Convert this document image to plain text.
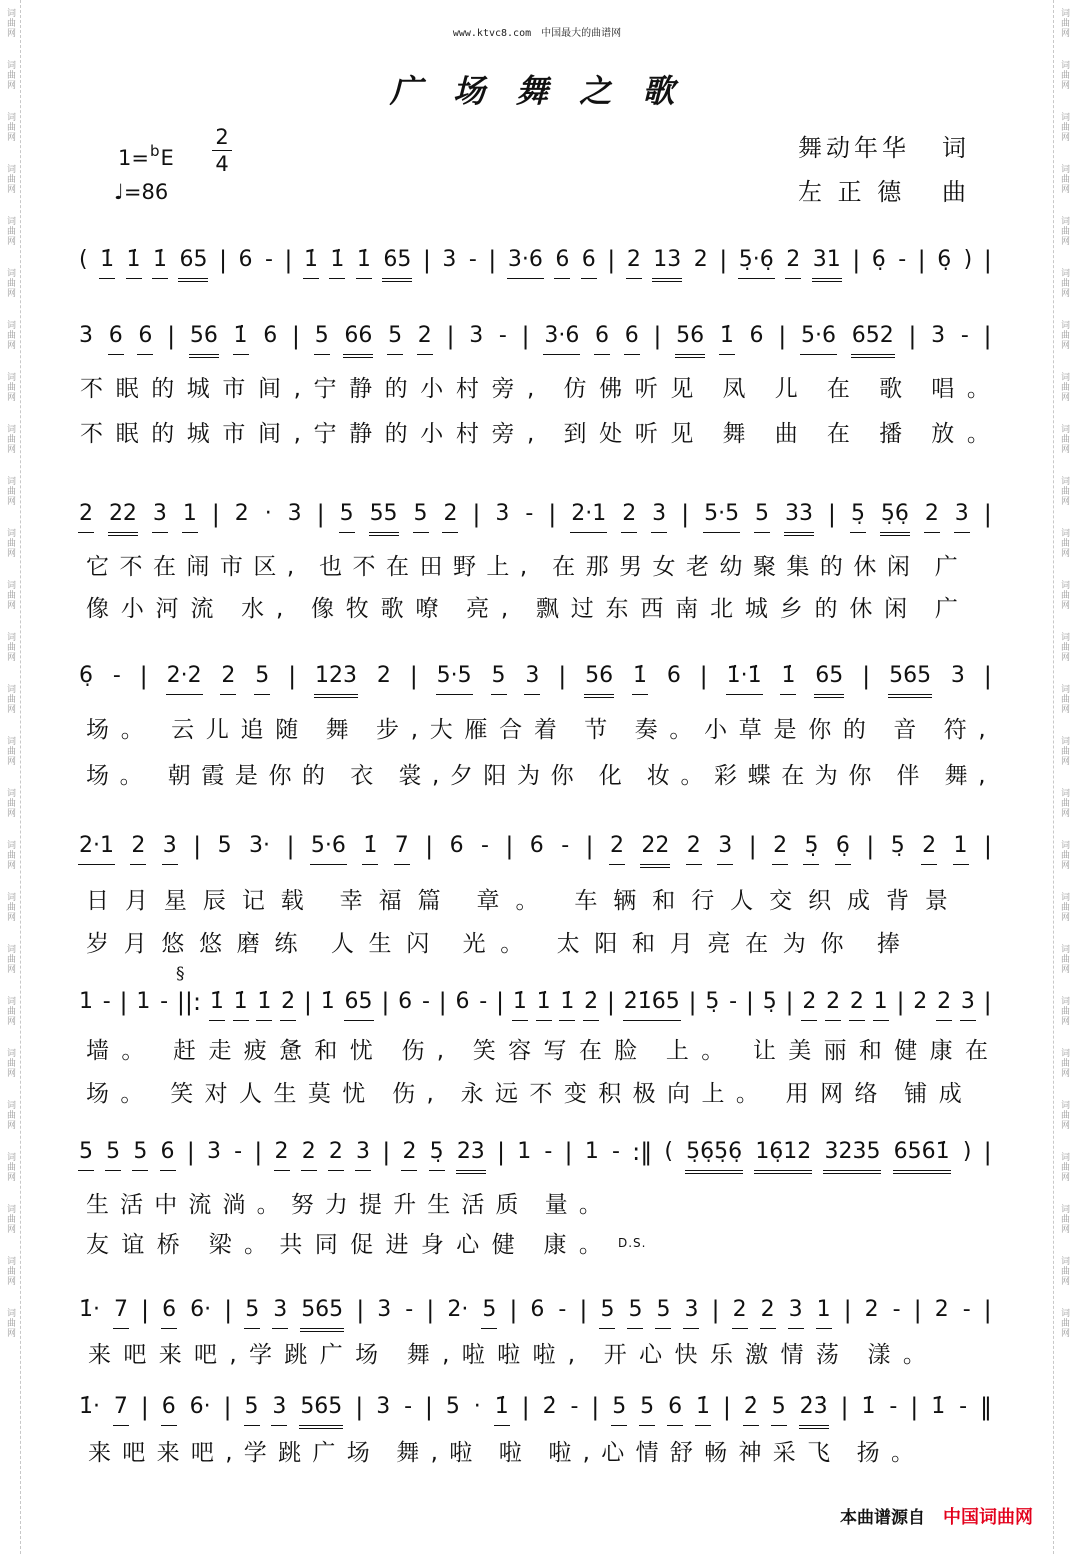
词曲网
词曲网
词曲网
词曲网
词曲网
词曲网
词曲网
词曲网
词曲网
词曲网
词曲网
词曲网
词曲网
词曲网
词曲网
词曲网
词曲网
词曲网
词曲网
词曲网
词曲网
词曲网
词曲网
词曲网
词曲网
词曲网
词曲网
词曲网
词曲网
词曲网
词曲网
词曲网
词曲网
词曲网
词曲网
词曲网
词曲网
词曲网
词曲网
词曲网
词曲网
词曲网
词曲网
词曲网
词曲网
词曲网
词曲网
词曲网
词曲网
词曲网
词曲网
词曲网
www.ktvc8.com 中国最大的曲谱网
广 场 舞 之 歌
1=$^b$E
2
4
♩=86
舞动年华 词
左 正 德 曲
( 1̇ 1̇ 1̇ 65 | 6 - | 1̇ 1̇ 1̇ 65 | 3 - | 3·6 6 6 | 2 13 2 | 5̣·6̣ 2 31 | 6̣ - | 6̣ ) |
3 6 6 | 56 1̇ 6 | 5 66 5 2 | 3 - | 3·6 6 6 | 56 1̇ 6 | 5·6 652 | 3 - |
不 眠 的 城 市 间 , 宁 静 的 小 村 旁 , 仿 佛 听 见 凤 儿 在 歌 唱 。
不 眠 的 城 市 间 , 宁 静 的 小 村 旁 , 到 处 听 见 舞 曲 在 播 放 。
2 22 3 1 | 2 · 3 | 5 55 5 2 | 3 - | 2·1 2 3 | 5·5 5 33 | 5̣ 5̣6̣ 2 3 |
它 不 在 闹 市 区 , 也 不 在 田 野 上 , 在 那 男 女 老 幼 聚 集 的 休 闲 广
像 小 河 流 水 , 像 牧 歌 嘹 亮 , 飘 过 东 西 南 北 城 乡 的 休 闲 广
6̣ - | 2·2 2 5 | 123 2 | 5·5 5 3 | 56 1̇ 6 | 1̇·1̇ 1̇ 65 | 565 3 |
场 。 云 儿 追 随 舞 步 , 大 雁 合 着 节 奏 。 小 草 是 你 的 音 符 ,
场 。 朝 霞 是 你 的 衣 裳 , 夕 阳 为 你 化 妆 。 彩 蝶 在 为 你 伴 舞 ,
2·1 2 3 | 5 3· | 5·6 1̇ 7 | 6 - | 6 - | 2 22 2 3 | 2 5̣ 6̣ | 5̣ 2 1 |
日 月 星 辰 记 载 幸 福 篇 章 。 车 辆 和 行 人 交 织 成 背 景
岁 月 悠 悠 磨 练 人 生 闪 光 。 太 阳 和 月 亮 在 为 你 捧
1 - | 1 - ||: 1̇ 1̇ 1̇ 2̇ | 1̇ 65 | 6 - | 6 - | 1̇ 1̇ 1̇ 2̇ | 2̇1̇65 | 5̣ - | 5̣ | 2 2 2 1 | 2 2 3 |
墙 。 赶 走 疲 惫 和 忧 伤 , 笑 容 写 在 脸 上 。 让 美 丽 和 健 康 在
场 。 笑 对 人 生 莫 忧 伤 , 永 远 不 变 积 极 向 上 。 用 网 络 铺 成
5 5 5 6 | 3 - | 2 2 2 3 | 2 5̣ 23 | 1 - | 1 - :‖ ( 5̣6̣5̣6̣ 16̣12 3235 6561̇ ) |
生 活 中 流 淌 。 努 力 提 升 生 活 质 量 。
友 谊 桥 梁 。 共 同 促 进 身 心 健 康 。
1̇· 7 | 6 6· | 5 3 565 | 3 - | 2· 5 | 6 - | 5 5 5 3 | 2 2 3 1 | 2 - | 2 - |
来 吧 来 吧 , 学 跳 广 场 舞 , 啦 啦 啦 , 开 心 快 乐 激 情 荡 漾 。
1̇· 7 | 6 6· | 5 3 565 | 3 - | 5 · 1̇ | 2̇ - | 5 5 6 1̇ | 2̇ 5 2̇3̇ | 1̇ - | 1̇ - ‖
来 吧 来 吧 , 学 跳 广 场 舞 , 啦 啦 啦 , 心 情 舒 畅 神 采 飞 扬 。
§
D.S.
本曲谱源自 中国词曲网
